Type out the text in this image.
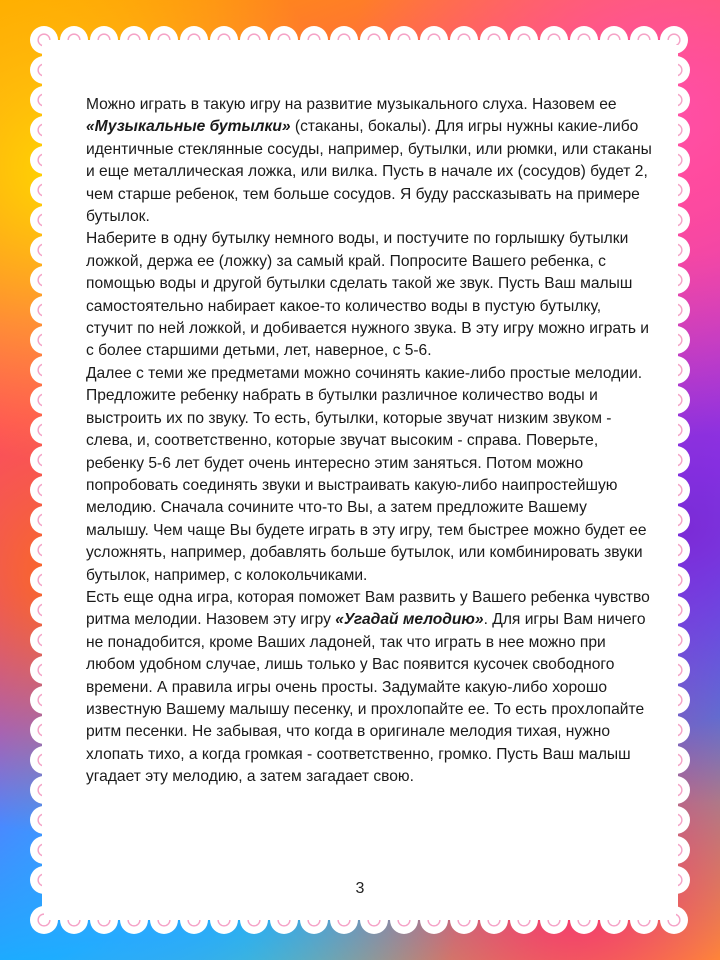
Можно играть в такую игру на развитие музыкального слуха. Назовем ее «Музыкальные бутылки» (стаканы, бокалы). Для игры нужны какие-либо идентичные стеклянные сосуды, например, бутылки, или рюмки, или стаканы и еще металлическая ложка, или вилка. Пусть в начале их (сосудов) будет 2, чем старше ребенок, тем больше сосудов. Я буду рассказывать на примере бутылок.

Наберите в одну бутылку немного воды, и постучите по горлышку бутылки ложкой, держа ее (ложку) за самый край. Попросите Вашего ребенка, с помощью воды и другой бутылки сделать такой же звук. Пусть Ваш малыш самостоятельно набирает какое-то количество воды в пустую бутылку, стучит по ней ложкой, и добивается нужного звука. В эту игру можно играть и с более старшими детьми, лет, наверное, с 5-6.

Далее с теми же предметами можно сочинять какие-либо простые мелодии. Предложите ребенку набрать в бутылки различное количество воды и выстроить их по звуку. То есть, бутылки, которые звучат низким звуком - слева, и, соответственно, которые звучат высоким - справа. Поверьте, ребенку 5-6 лет будет очень интересно этим заняться. Потом можно попробовать соединять звуки и выстраивать какую-либо наипростейшую мелодию. Сначала сочините что-то Вы, а затем предложите Вашему малышу. Чем чаще Вы будете играть в эту игру, тем быстрее можно будет ее усложнять, например, добавлять больше бутылок, или комбинировать звуки бутылок, например, с колокольчиками.

Есть еще одна игра, которая поможет Вам развить у Вашего ребенка чувство ритма мелодии. Назовем эту игру «Угадай мелодию». Для игры Вам ничего не понадобится, кроме Ваших ладоней, так что играть в нее можно при любом удобном случае, лишь только у Вас появится кусочек свободного времени. А правила игры очень просты. Задумайте какую-либо хорошо известную Вашему малышу песенку, и прохлопайте ее. То есть прохлопайте ритм песенки. Не забывая, что когда в оригинале мелодия тихая, нужно хлопать тихо, а когда громкая - соответственно, громко. Пусть Ваш малыш угадает эту мелодию, а затем загадает свою.

3
